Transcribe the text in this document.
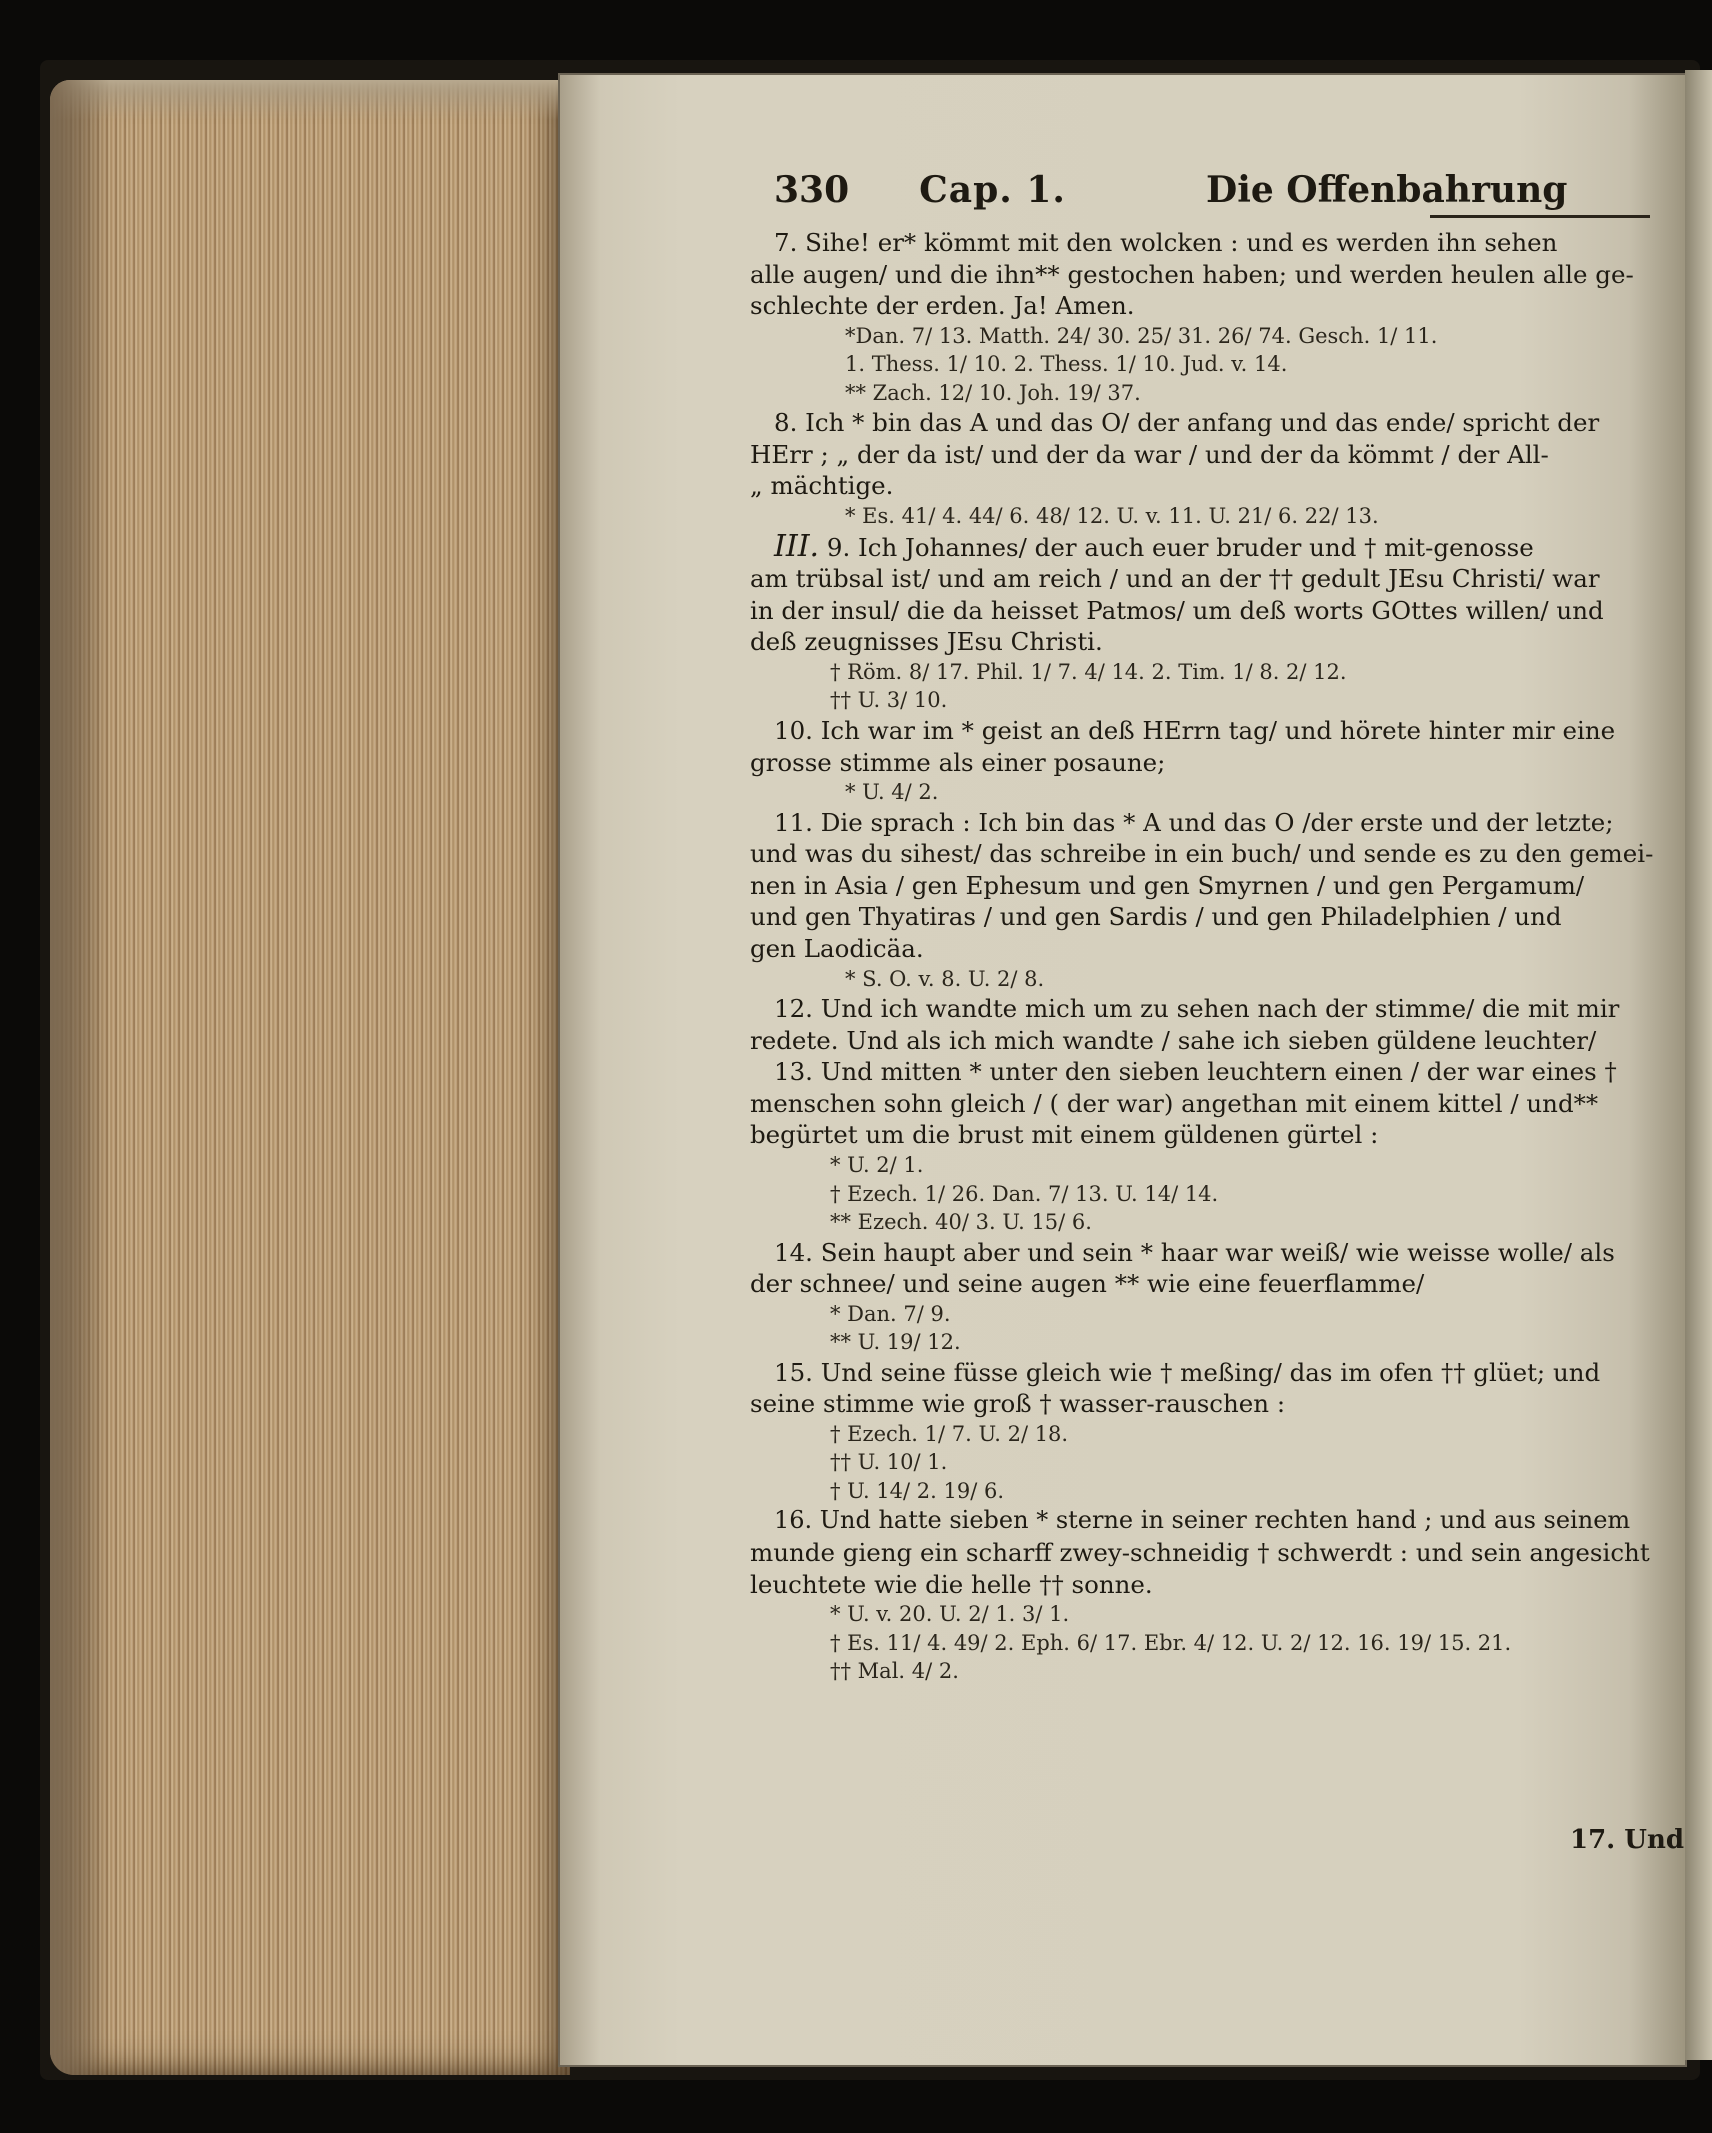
330 Cap. 1.	Die Offenbahrung

7. Sihe! er* kömmt mit den wolcken : und es werden ihn sehen
alle augen/ und die ihn** gestochen haben; und werden heulen alle ge-
schlechte der erden. Ja! Amen.

*Dan. 7/ 13. Matth. 24/ 30. 25/ 31. 26/ 74. Gesch. 1/ 11.
1. Thess. 1/ 10. 2. Thess. 1/ 10. Jud. v. 14.
** Zach. 12/ 10. Joh. 19/ 37.

8. Ich * bin das A und das O/ der anfang und das ende/ spricht der
HErr ; „ der da ist/ und der da war / und der da kömmt / der All-
„ mächtige.

* Es. 41/ 4. 44/ 6. 48/ 12. U. v. 11. U. 21/ 6. 22/ 13.

III. 9. Ich Johannes/ der auch euer bruder und † mit-genosse
am trübsal ist/ und am reich / und an der †† gedult JEsu Christi/ war
in der insul/ die da heisset Patmos/ um deß worts GOttes willen/ und
deß zeugnisses JEsu Christi.

† Röm. 8/ 17. Phil. 1/ 7. 4/ 14. 2. Tim. 1/ 8. 2/ 12.
†† U. 3/ 10.

10. Ich war im * geist an deß HErrn tag/ und hörete hinter mir eine
grosse stimme als einer posaune;

* U. 4/ 2.

11. Die sprach : Ich bin das * A und das O /der erste und der letzte;
und was du sihest/ das schreibe in ein buch/ und sende es zu den gemei-
nen in Asia / gen Ephesum und gen Smyrnen / und gen Pergamum/
und gen Thyatiras / und gen Sardis / und gen Philadelphien / und
gen Laodicäa.

* S. O. v. 8. U. 2/ 8.

12. Und ich wandte mich um zu sehen nach der stimme/ die mit mir
redete. Und als ich mich wandte / sahe ich sieben güldene leuchter/

13. Und mitten * unter den sieben leuchtern einen / der war eines †
menschen sohn gleich / ( der war) angethan mit einem kittel / und**
begürtet um die brust mit einem güldenen gürtel :

* U. 2/ 1.
† Ezech. 1/ 26. Dan. 7/ 13. U. 14/ 14.
** Ezech. 40/ 3. U. 15/ 6.

14. Sein haupt aber und sein * haar war weiß/ wie weisse wolle/ als
der schnee/ und seine augen ** wie eine feuerflamme/

* Dan. 7/ 9.
** U. 19/ 12.

15. Und seine füsse gleich wie † meßing/ das im ofen †† glüet; und
seine stimme wie groß † wasser-rauschen :

† Ezech. 1/ 7. U. 2/ 18.
†† U. 10/ 1.
† U. 14/ 2. 19/ 6.

16. Und hatte sieben * sterne in seiner rechten hand ; und aus seinem
munde gieng ein scharff zwey-schneidig † schwerdt : und sein angesicht
leuchtete wie die helle †† sonne.

* U. v. 20. U. 2/ 1. 3/ 1.
† Es. 11/ 4. 49/ 2. Eph. 6/ 17. Ebr. 4/ 12. U. 2/ 12. 16. 19/ 15. 21.
†† Mal. 4/ 2.

17. Und
